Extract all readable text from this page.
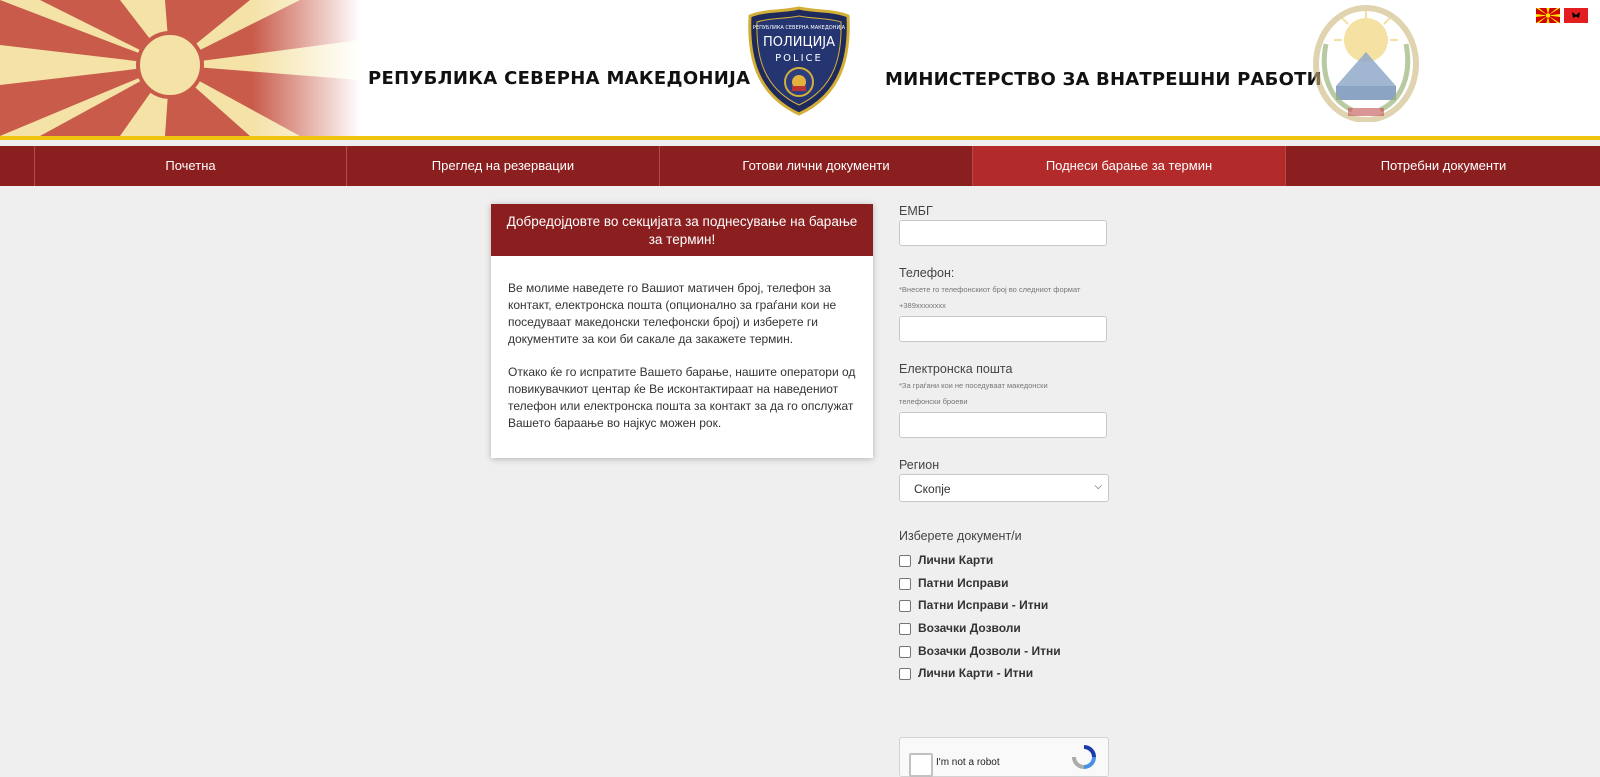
РЕПУБЛИКА СЕВЕРНА МАКЕДОНИЈА
РЕПУБЛИКА СЕВЕРНА МАКЕДОНИЈА
ПОЛИЦИЈА
POLICE
МИНИСТЕРСТВО ЗА ВНАТРЕШНИ РАБОТИ
Почетна	Преглед на резервации	Готови лични документи	Поднеси барање за термин	Потребни документи
Добредојдовте во секцијата за поднесување на барање за термин!

Ве молиме наведете го Вашиот матичен број, телефон за контакт, електронска пошта (опционално за граѓани кои не поседуваат македонски телефонски број) и изберете ги документите за кои би сакале да закажете термин.

Откако ќе го испратите Вашето барање, нашите оператори од повикувачкиот центар ќе Ве исконтактираат на наведениот телефон или електронска пошта за контакт за да го опслужат Вашето бараање во најкус можен рок.

ЕМБГ
Телефон:
*Внесете го телефонскиот број во следниот формат +389xxxxxxxx
Електронска пошта
*За граѓани кои не поседуваат македонски телефонски броеви
Регион
Скопје	⌵
Изберете документ/и
Лични Карти
Патни Исправи
Патни Исправи - Итни
Возачки Дозволи
Возачки Дозволи - Итни
Лични Карти - Итни
I'm not a robot
